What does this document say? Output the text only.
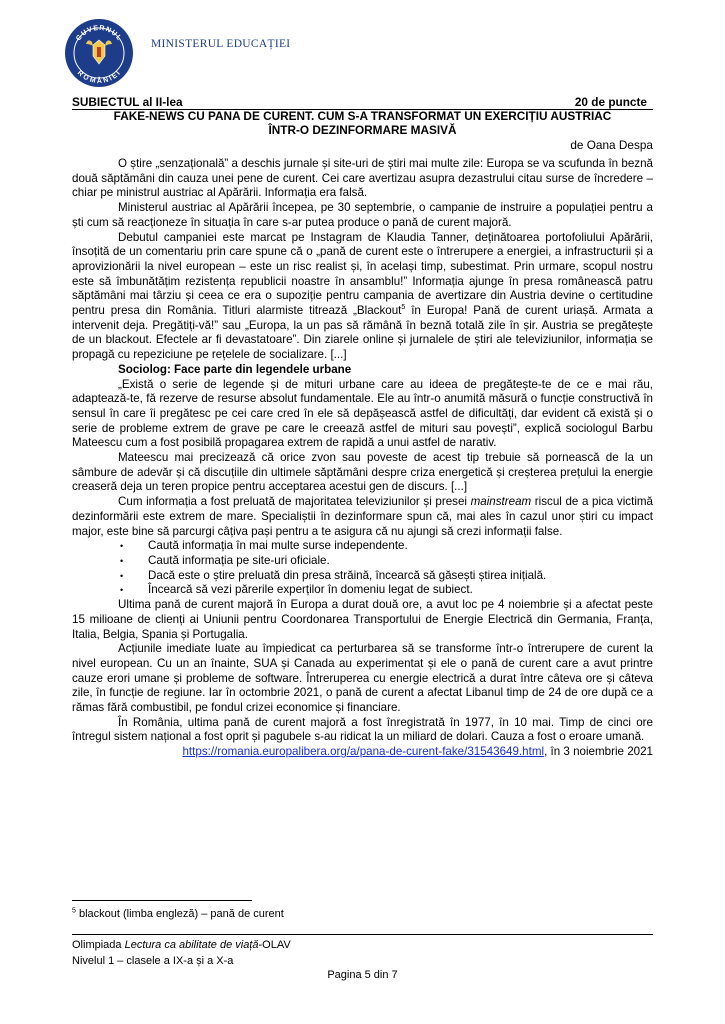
GUVERNUL
ROMÂNIEI
MINISTERUL EDUCAȚIEI
SUBIECTUL al II-lea	20 de puncte
FAKE-NEWS CU PANA DE CURENT. CUM S-A TRANSFORMAT UN EXERCIȚIU AUSTRIAC
ÎNTR-O DEZINFORMARE MASIVĂ
de Oana Despa

O știre „senzațională” a deschis jurnale și site-uri de știri mai multe zile: Europa se va scufunda în beznă două săptămâni din cauza unei pene de curent. Cei care avertizau asupra dezastrului citau surse de încredere – chiar pe ministrul austriac al Apărării. Informația era falsă.

Ministerul austriac al Apărării începea, pe 30 septembrie, o campanie de instruire a populației pentru a ști cum să reacționeze în situația în care s-ar putea produce o pană de curent majoră.

Debutul campaniei este marcat pe Instagram de Klaudia Tanner, deținătoarea portofoliului Apărării, însoțită de un comentariu prin care spune că o „pană de curent este o întrerupere a energiei, a infrastructurii și a aprovizionării la nivel european – este un risc realist și, în același timp, subestimat. Prin urmare, scopul nostru este să îmbunătățim rezistența republicii noastre în ansamblu!” Informația ajunge în presa românească patru săptămâni mai târziu și ceea ce era o supoziție pentru campania de avertizare din Austria devine o certitudine pentru presa din România. Titluri alarmiste titrează „Blackout$^5$ în Europa! Pană de curent uriașă. Armata a intervenit deja. Pregătiți-vă!” sau „Europa, la un pas să rămână în beznă totală zile în șir. Austria se pregătește de un blackout. Efectele ar fi devastatoare”. Din ziarele online și jurnalele de știri ale televiziunilor, informația se propagă cu repeziciune pe rețelele de socializare. [...]

Sociolog: Face parte din legendele urbane

„Există o serie de legende și de mituri urbane care au ideea de pregătește-te de ce e mai rău, adaptează-te, fă rezerve de resurse absolut fundamentale. Ele au într-o anumită măsură o funcție constructivă în sensul în care îi pregătesc pe cei care cred în ele să depășească astfel de dificultăți, dar evident că există și o serie de probleme extrem de grave pe care le creează astfel de mituri sau povești”, explică sociologul Barbu Mateescu cum a fost posibilă propagarea extrem de rapidă a unui astfel de narativ.

Mateescu mai precizează că orice zvon sau poveste de acest tip trebuie să pornească de la un sâmbure de adevăr și că discuțiile din ultimele săptămâni despre criza energetică și creșterea prețului la energie creaseră deja un teren propice pentru acceptarea acestui gen de discurs. [...]

Cum informația a fost preluată de majoritatea televiziunilor și presei mainstream riscul de a pica victimă dezinformării este extrem de mare. Specialiștii în dezinformare spun că, mai ales în cazul unor știri cu impact major, este bine să parcurgi câțiva pași pentru a te asigura că nu ajungi să crezi informații false.

• Caută informația în mai multe surse independente.
• Caută informația pe site-uri oficiale.
• Dacă este o știre preluată din presa străină, încearcă să găsești știrea inițială.
• Încearcă să vezi părerile experților în domeniu legat de subiect.

Ultima pană de curent majoră în Europa a durat două ore, a avut loc pe 4 noiembrie și a afectat peste 15 milioane de clienți ai Uniunii pentru Coordonarea Transportului de Energie Electrică din Germania, Franța, Italia, Belgia, Spania și Portugalia.

Acțiunile imediate luate au împiedicat ca perturbarea să se transforme într-o întrerupere de curent la nivel european. Cu un an înainte, SUA și Canada au experimentat și ele o pană de curent care a avut printre cauze erori umane și probleme de software. Întreruperea cu energie electrică a durat între câteva ore și câteva zile, în funcție de regiune. Iar în octombrie 2021, o pană de curent a afectat Libanul timp de 24 de ore după ce a rămas fără combustibil, pe fondul crizei economice și financiare.

În România, ultima pană de curent majoră a fost înregistrată în 1977, în 10 mai. Timp de cinci ore întregul sistem național a fost oprit și pagubele s-au ridicat la un miliard de dolari. Cauza a fost o eroare umană.

https://romania.europalibera.org/a/pana-de-curent-fake/31543649.html, în 3 noiembrie 2021

$^5$ blackout (limba engleză) – pană de curent
Olimpiada Lectura ca abilitate de viață-OLAV
Nivelul 1 – clasele a IX-a și a X-a
Pagina 5 din 7
